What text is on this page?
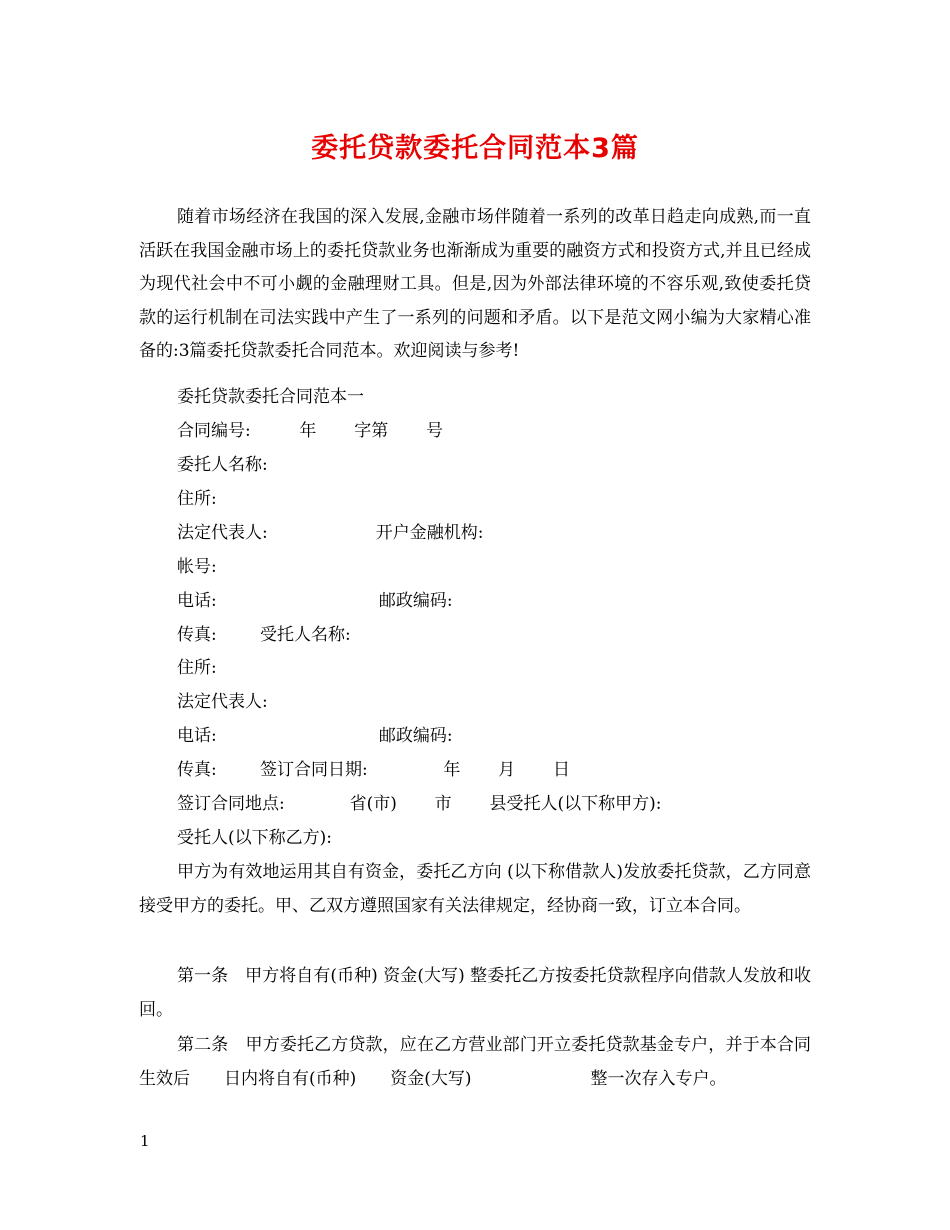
委托贷款委托合同范本3篇

随着市场经济在我国的深入发展,金融市场伴随着一系列的改革日趋走向成熟,而一直活跃在我国金融市场上的委托贷款业务也渐渐成为重要的融资方式和投资方式,并且已经成为现代社会中不可小觑的金融理财工具。但是,因为外部法律环境的不容乐观,致使委托贷款的运行机制在司法实践中产生了一系列的问题和矛盾。以下是范文网小编为大家精心准备的:3篇委托贷款委托合同范本。欢迎阅读与参考!

委托贷款委托合同范本一

合同编号:         年       字第       号

委托人名称:

住所:

法定代表人:                    开户金融机构:

帐号:

电话:                              邮政编码:

传真:        受托人名称:

住所:

法定代表人:

电话:                              邮政编码:

传真:        签订合同日期:              年       月       日

签订合同地点:            省(市)       市       县受托人(以下称甲方):

受托人(以下称乙方):

甲方为有效地运用其自有资金，委托乙方向 (以下称借款人)发放委托贷款，乙方同意接受甲方的委托。甲、乙双方遵照国家有关法律规定，经协商一致，订立本合同。

第一条　甲方将自有(币种) 资金(大写) 整委托乙方按委托贷款程序向借款人发放和收回。

第二条　甲方委托乙方贷款，应在乙方营业部门开立委托贷款基金专户，并于本合同生效后　　日内将自有(币种)　　资金(大写)　　　　　　　整一次存入专户。

1
